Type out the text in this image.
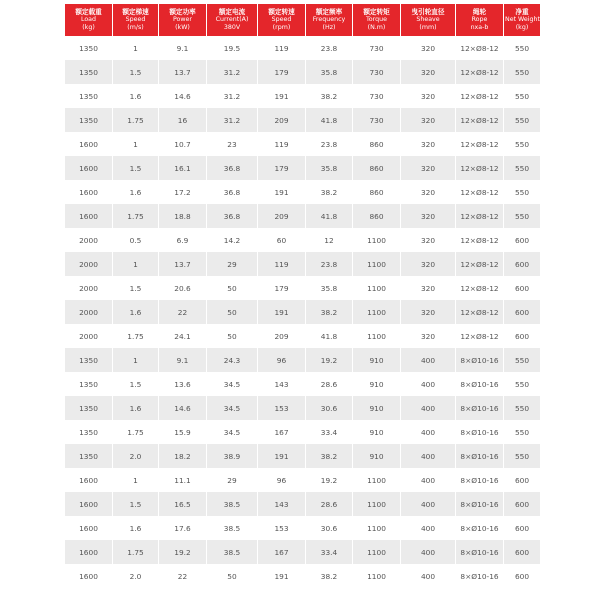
额定载重
Load
(kg)	额定梯速
Speed
(m/s)	额定功率
Power
(kW)	额定电流
Current(A)
380V	额定转速
Speed
(rpm)	额定频率
Frequency
(Hz)	额定转矩
Torque
(N.m)	曳引轮直径
Sheave
(mm)	绳轮
Rope
nxa-b	净重
Net Weight
(kg)

1350	1	9.1	19.5	119	23.8	730	320	12×Ø8-12	550
1350	1.5	13.7	31.2	179	35.8	730	320	12×Ø8-12	550
1350	1.6	14.6	31.2	191	38.2	730	320	12×Ø8-12	550
1350	1.75	16	31.2	209	41.8	730	320	12×Ø8-12	550
1600	1	10.7	23	119	23.8	860	320	12×Ø8-12	550
1600	1.5	16.1	36.8	179	35.8	860	320	12×Ø8-12	550
1600	1.6	17.2	36.8	191	38.2	860	320	12×Ø8-12	550
1600	1.75	18.8	36.8	209	41.8	860	320	12×Ø8-12	550
2000	0.5	6.9	14.2	60	12	1100	320	12×Ø8-12	600
2000	1	13.7	29	119	23.8	1100	320	12×Ø8-12	600
2000	1.5	20.6	50	179	35.8	1100	320	12×Ø8-12	600
2000	1.6	22	50	191	38.2	1100	320	12×Ø8-12	600
2000	1.75	24.1	50	209	41.8	1100	320	12×Ø8-12	600
1350	1	9.1	24.3	96	19.2	910	400	8×Ø10-16	550
1350	1.5	13.6	34.5	143	28.6	910	400	8×Ø10-16	550
1350	1.6	14.6	34.5	153	30.6	910	400	8×Ø10-16	550
1350	1.75	15.9	34.5	167	33.4	910	400	8×Ø10-16	550
1350	2.0	18.2	38.9	191	38.2	910	400	8×Ø10-16	550
1600	1	11.1	29	96	19.2	1100	400	8×Ø10-16	600
1600	1.5	16.5	38.5	143	28.6	1100	400	8×Ø10-16	600
1600	1.6	17.6	38.5	153	30.6	1100	400	8×Ø10-16	600
1600	1.75	19.2	38.5	167	33.4	1100	400	8×Ø10-16	600
1600	2.0	22	50	191	38.2	1100	400	8×Ø10-16	600
